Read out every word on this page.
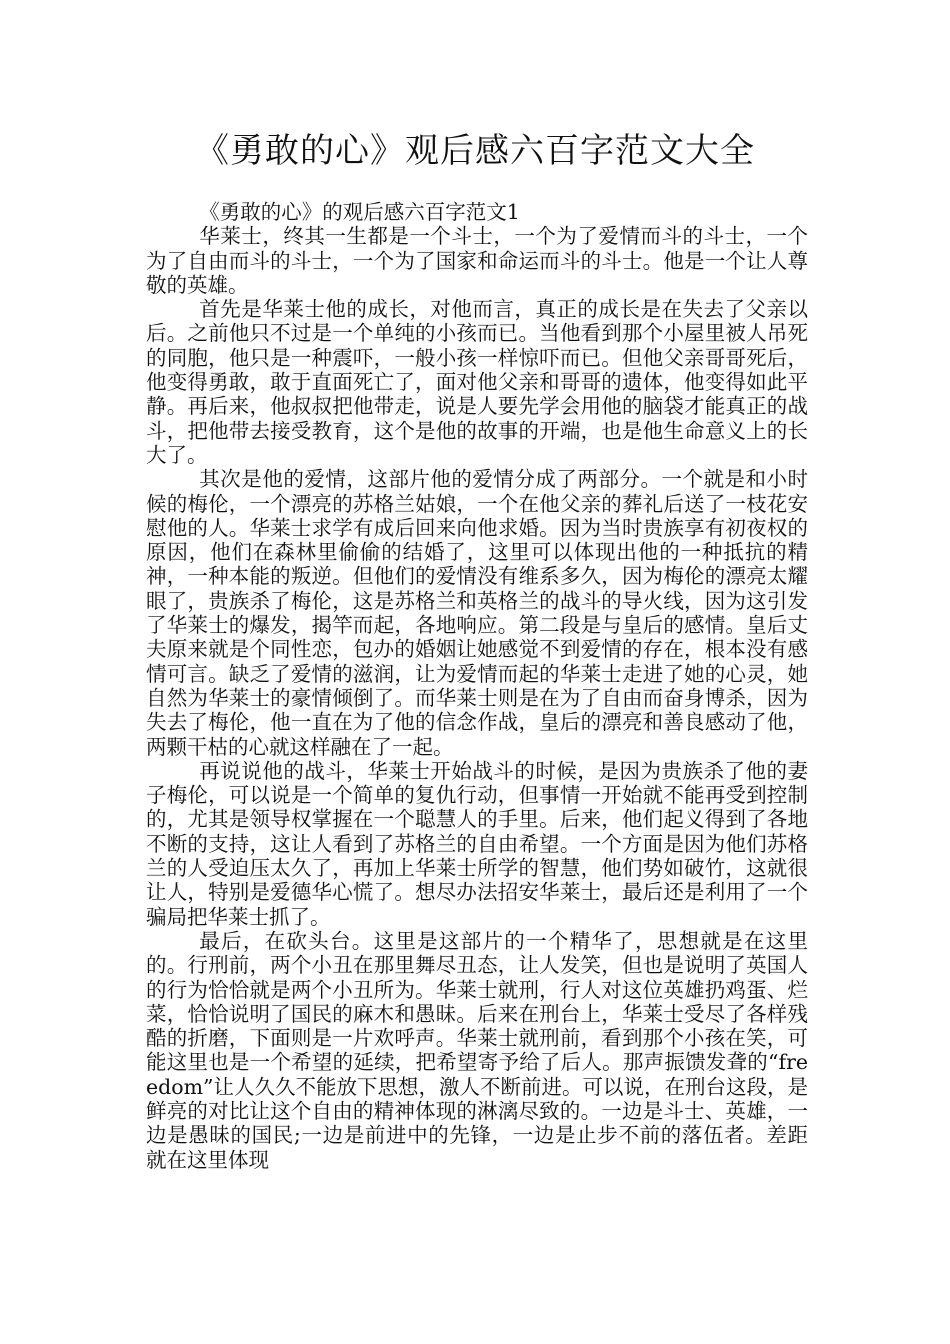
《勇敢的心》观后感六百字范文大全

《勇敢的心》的观后感六百字范文1

华莱士，终其一生都是一个斗士，一个为了爱情而斗的斗士，一个为了自由而斗的斗士，一个为了国家和命运而斗的斗士。他是一个让人尊敬的英雄。

首先是华莱士他的成长，对他而言，真正的成长是在失去了父亲以后。之前他只不过是一个单纯的小孩而已。当他看到那个小屋里被人吊死的同胞，他只是一种震吓，一般小孩一样惊吓而已。但他父亲哥哥死后，他变得勇敢，敢于直面死亡了，面对他父亲和哥哥的遗体，他变得如此平静。再后来，他叔叔把他带走，说是人要先学会用他的脑袋才能真正的战斗，把他带去接受教育，这个是他的故事的开端，也是他生命意义上的长大了。

其次是他的爱情，这部片他的爱情分成了两部分。一个就是和小时候的梅伦，一个漂亮的苏格兰姑娘，一个在他父亲的葬礼后送了一枝花安慰他的人。华莱士求学有成后回来向他求婚。因为当时贵族享有初夜权的原因，他们在森林里偷偷的结婚了，这里可以体现出他的一种抵抗的精神，一种本能的叛逆。但他们的爱情没有维系多久，因为梅伦的漂亮太耀眼了，贵族杀了梅伦，这是苏格兰和英格兰的战斗的导火线，因为这引发了华莱士的爆发，揭竿而起，各地响应。第二段是与皇后的感情。皇后丈夫原来就是个同性恋，包办的婚姻让她感觉不到爱情的存在，根本没有感情可言。缺乏了爱情的滋润，让为爱情而起的华莱士走进了她的心灵，她自然为华莱士的豪情倾倒了。而华莱士则是在为了自由而奋身博杀，因为失去了梅伦，他一直在为了他的信念作战，皇后的漂亮和善良感动了他，两颗干枯的心就这样融在了一起。

再说说他的战斗，华莱士开始战斗的时候，是因为贵族杀了他的妻子梅伦，可以说是一个简单的复仇行动，但事情一开始就不能再受到控制的，尤其是领导权掌握在一个聪慧人的手里。后来，他们起义得到了各地不断的支持，这让人看到了苏格兰的自由希望。一个方面是因为他们苏格兰的人受迫压太久了，再加上华莱士所学的智慧，他们势如破竹，这就很让人，特别是爱德华心慌了。想尽办法招安华莱士，最后还是利用了一个骗局把华莱士抓了。

最后，在砍头台。这里是这部片的一个精华了，思想就是在这里的。行刑前，两个小丑在那里舞尽丑态，让人发笑，但也是说明了英国人的行为恰恰就是两个小丑所为。华莱士就刑，行人对这位英雄扔鸡蛋、烂菜，恰恰说明了国民的麻木和愚昧。后来在刑台上，华莱士受尽了各样残酷的折磨，下面则是一片欢呼声。华莱士就刑前，看到那个小孩在笑，可能这里也是一个希望的延续，把希望寄予给了后人。那声振馈发聋的“freedom”让人久久不能放下思想，激人不断前进。可以说，在刑台这段，是鲜亮的对比让这个自由的精神体现的淋漓尽致的。一边是斗士、英雄，一边是愚昧的国民;一边是前进中的先锋，一边是止步不前的落伍者。差距就在这里体现
